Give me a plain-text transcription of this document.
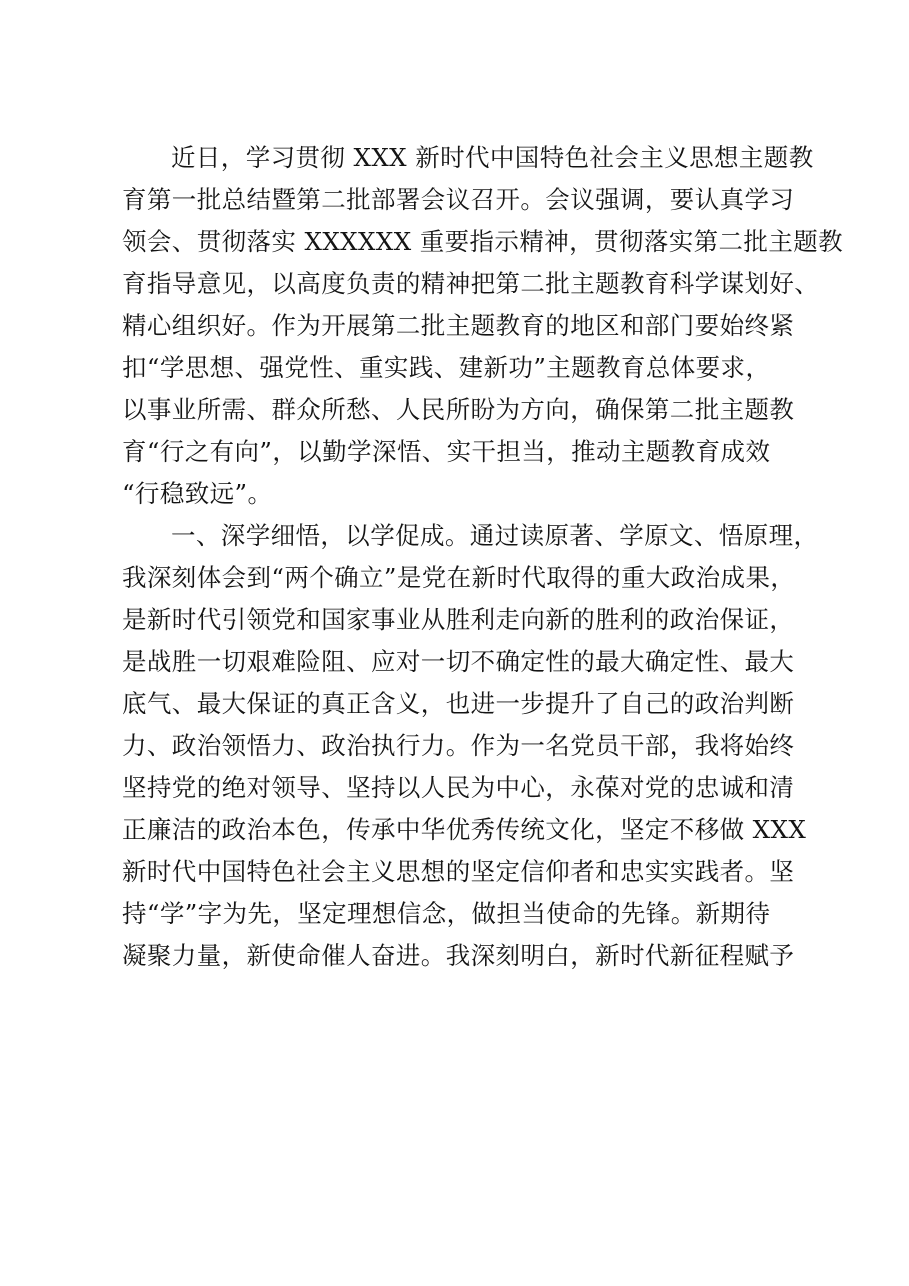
近日，学习贯彻 XXX 新时代中国特色社会主义思想主题教
育第一批总结暨第二批部署会议召开。会议强调，要认真学习
领会、贯彻落实 XXXXXX 重要指示精神，贯彻落实第二批主题教
育指导意见，以高度负责的精神把第二批主题教育科学谋划好、
精心组织好。作为开展第二批主题教育的地区和部门要始终紧
扣“学思想、强党性、重实践、建新功”主题教育总体要求，
以事业所需、群众所愁、人民所盼为方向，确保第二批主题教
育“行之有向”，以勤学深悟、实干担当，推动主题教育成效
“行稳致远”。
一、深学细悟，以学促成。通过读原著、学原文、悟原理，
我深刻体会到“两个确立”是党在新时代取得的重大政治成果，
是新时代引领党和国家事业从胜利走向新的胜利的政治保证，
是战胜一切艰难险阻、应对一切不确定性的最大确定性、最大
底气、最大保证的真正含义，也进一步提升了自己的政治判断
力、政治领悟力、政治执行力。作为一名党员干部，我将始终
坚持党的绝对领导、坚持以人民为中心，永葆对党的忠诚和清
正廉洁的政治本色，传承中华优秀传统文化，坚定不移做 XXX
新时代中国特色社会主义思想的坚定信仰者和忠实实践者。坚
持“学”字为先，坚定理想信念，做担当使命的先锋。新期待
凝聚力量，新使命催人奋进。我深刻明白，新时代新征程赋予
